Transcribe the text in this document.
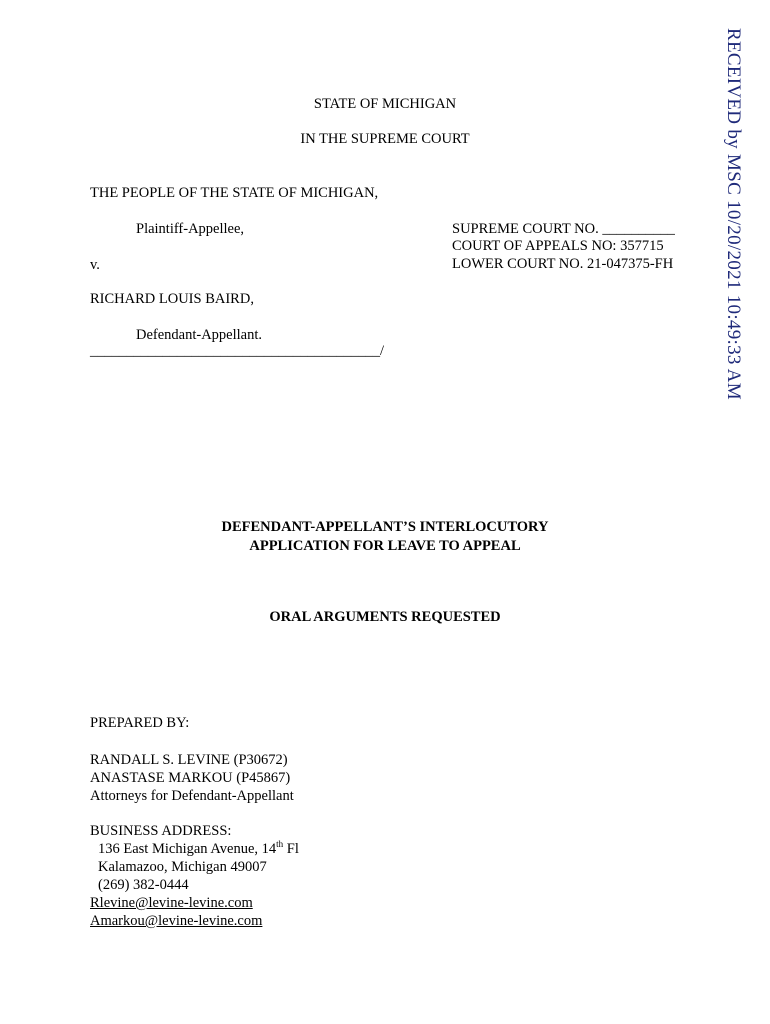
RECEIVED by MSC 10/20/2021 10:49:33 AM
STATE OF MICHIGAN
IN THE SUPREME COURT
THE PEOPLE OF THE STATE OF MICHIGAN,
Plaintiff-Appellee,
v.
RICHARD LOUIS BAIRD,
Defendant-Appellant.
________________________________________/
SUPREME COURT NO. __________
COURT OF APPEALS NO: 357715
LOWER COURT NO. 21-047375-FH
DEFENDANT-APPELLANT’S INTERLOCUTORY
APPLICATION FOR LEAVE TO APPEAL
ORAL ARGUMENTS REQUESTED
PREPARED BY:
RANDALL S. LEVINE (P30672)
ANASTASE MARKOU (P45867)
Attorneys for Defendant-Appellant
BUSINESS ADDRESS:
136 East Michigan Avenue, 14th Fl
Kalamazoo, Michigan 49007
(269) 382-0444
Rlevine@levine-levine.com
Amarkou@levine-levine.com
